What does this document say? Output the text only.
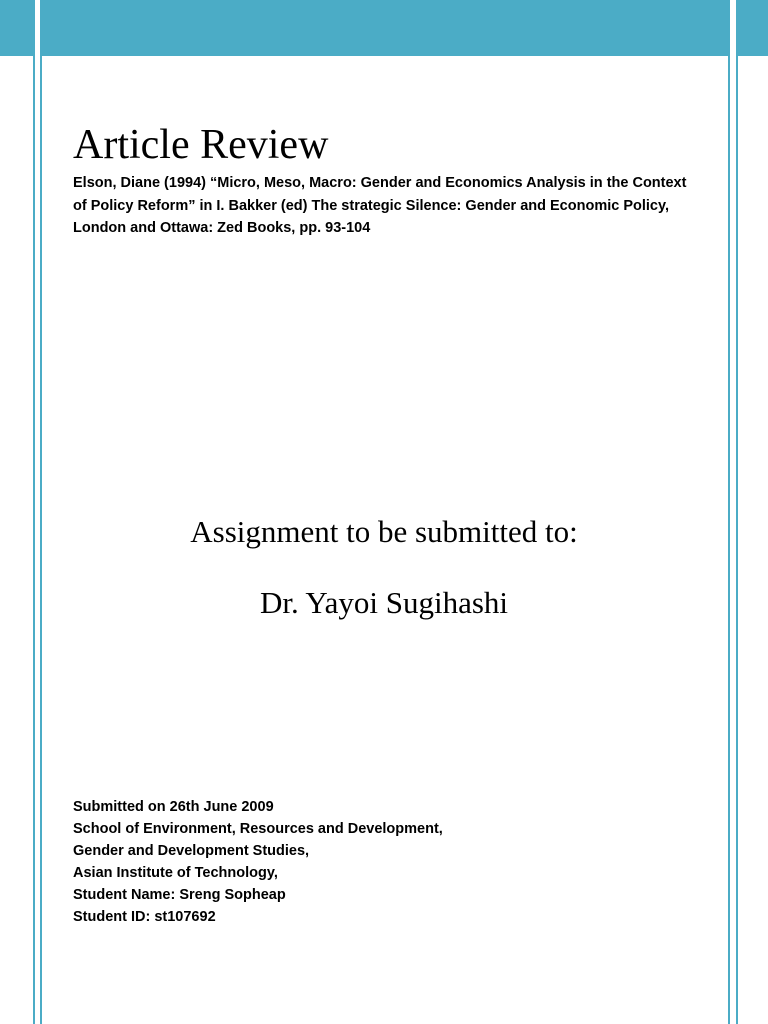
Article Review
Elson, Diane (1994) “Micro, Meso, Macro: Gender and Economics Analysis in the Context of Policy Reform” in I. Bakker (ed) The strategic Silence: Gender and Economic Policy, London and Ottawa: Zed Books, pp. 93-104
Assignment to be submitted to:
Dr. Yayoi Sugihashi
Submitted on 26th June 2009
School of Environment, Resources and Development,
Gender and Development Studies,
Asian Institute of Technology,
Student Name: Sreng Sopheap
Student ID: st107692
